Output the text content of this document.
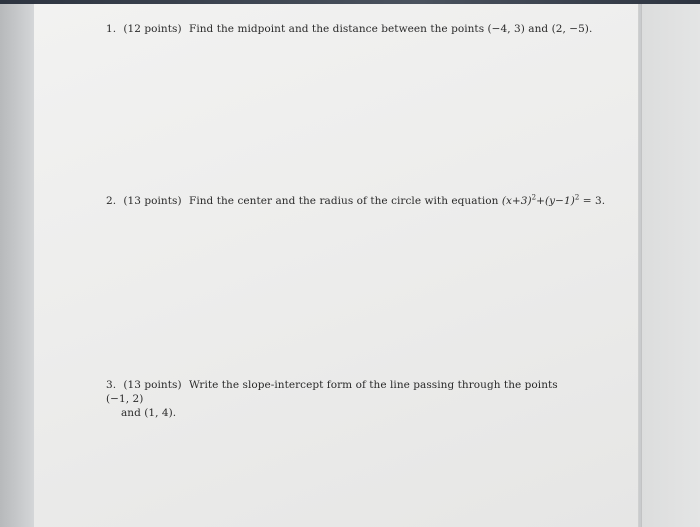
1. (12 points) Find the midpoint and the distance between the points (−4, 3) and (2, −5).
2. (13 points) Find the center and the radius of the circle with equation $(x+3)^2+(y-1)^2 = 3$.
3. (13 points) Write the slope-intercept form of the line passing through the points (−1, 2)
and (1, 4).
